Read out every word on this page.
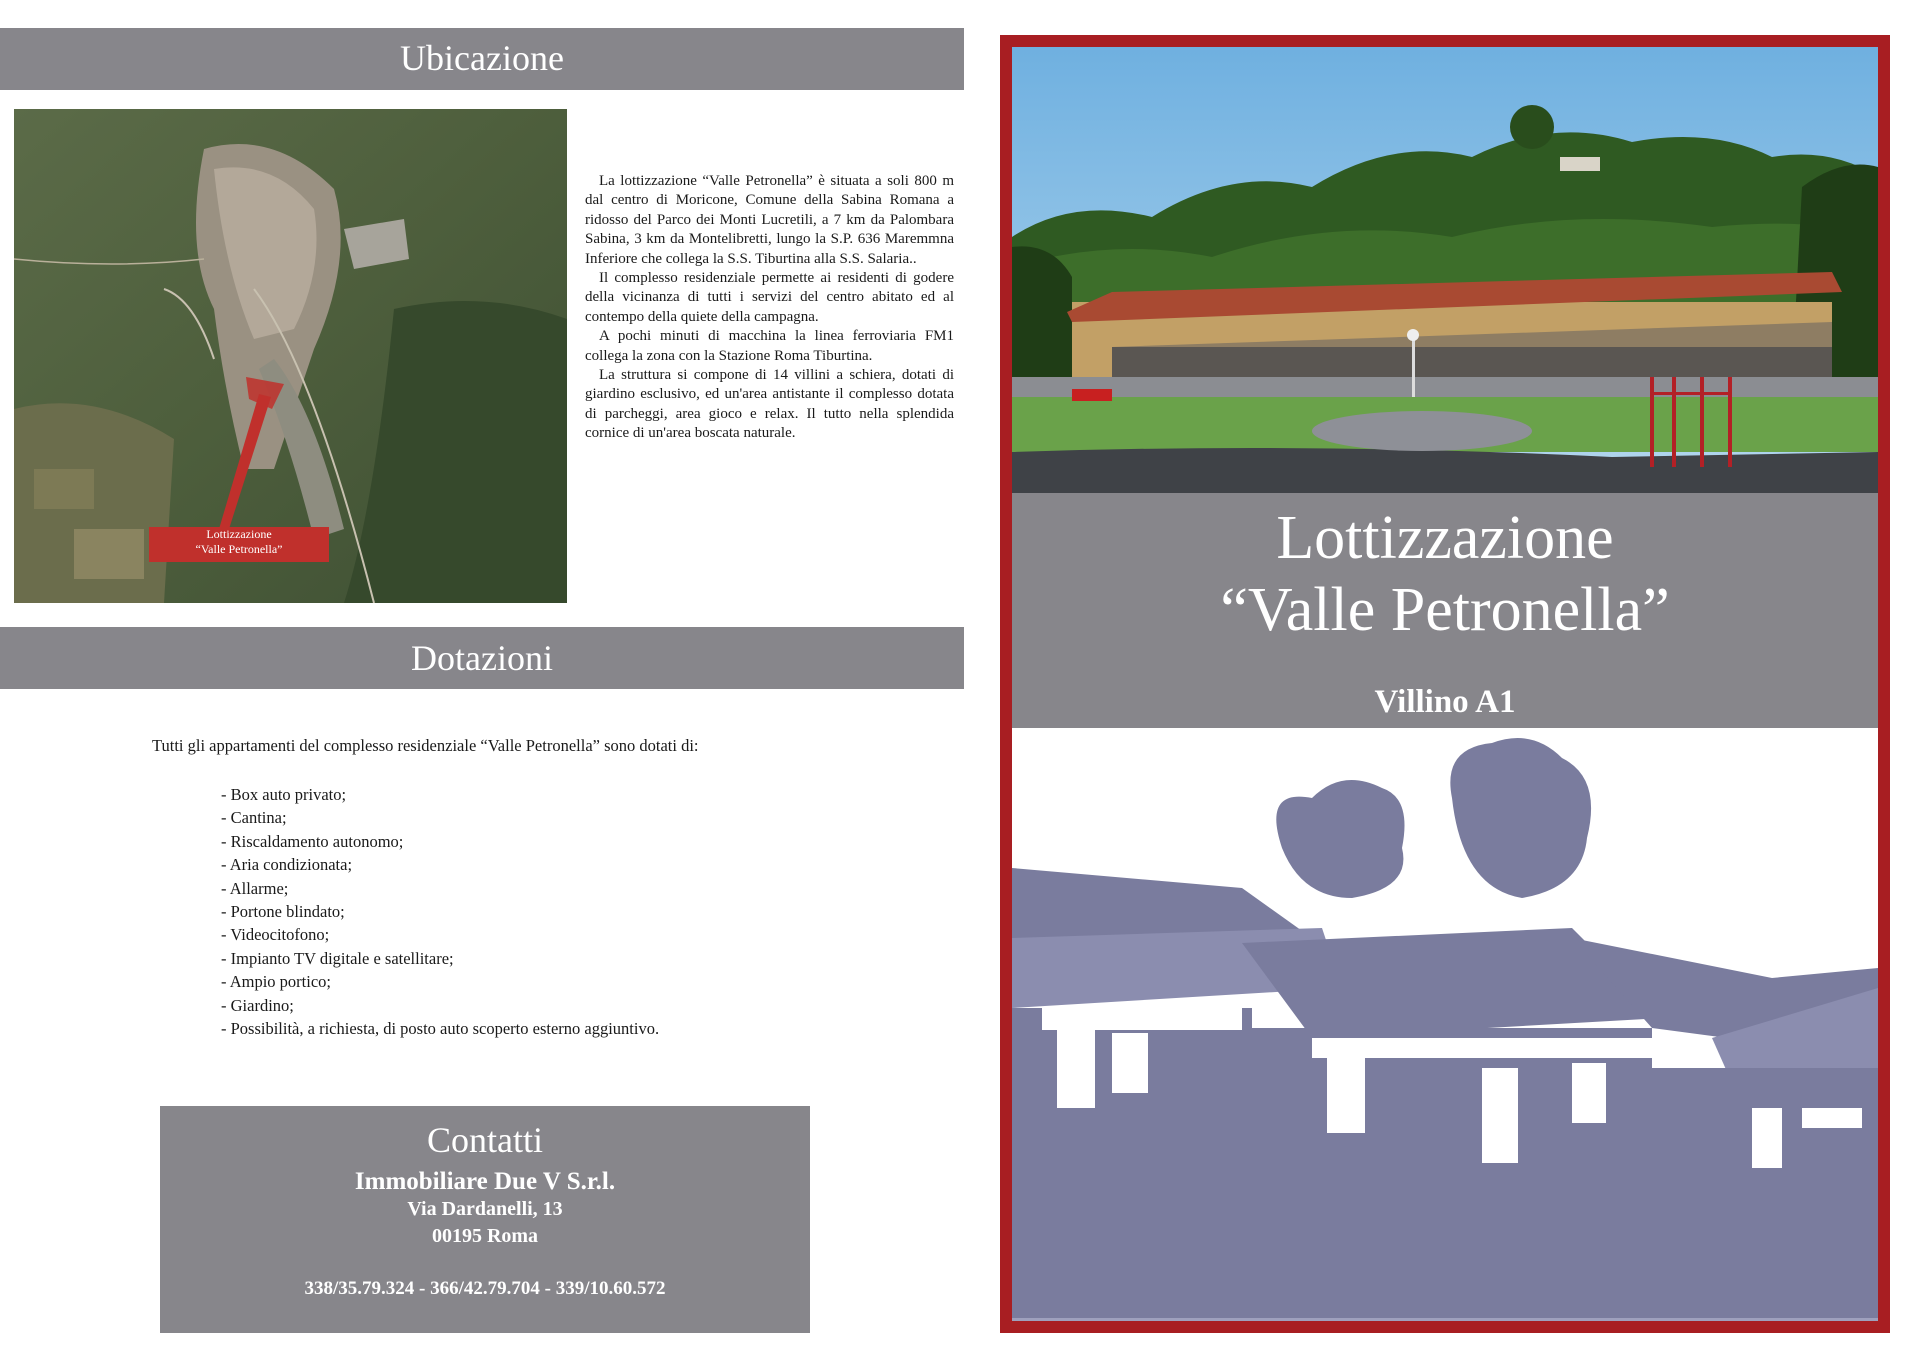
Ubicazione
Lottizzazione
“Valle Petronella”

La lottizzazione “Valle Petronella” è situata a soli 800 m dal centro di Moricone, Comune della Sabina Romana a ridosso del Parco dei Monti Lucretili, a 7 km da Palombara Sabina, 3 km da Montelibretti, lungo la S.P. 636 Maremmna Inferiore che collega la S.S. Tiburtina alla S.S. Salaria..

Il complesso residenziale permette ai residenti di godere della vicinanza di tutti i servizi del centro abitato ed al contempo della quiete della campagna.

A pochi minuti di macchina la linea ferroviaria FM1 collega la zona con la Stazione Roma Tiburtina.

La struttura si compone di 14 villini a schiera, dotati di giardino esclusivo, ed un'area antistante il complesso dotata di parcheggi, area gioco e relax. Il tutto nella splendida cornice di un'area boscata naturale.

Dotazioni
Tutti gli appartamenti del complesso residenziale “Valle Petronella” sono dotati di:
- Box auto privato;
- Cantina;
- Riscaldamento autonomo;
- Aria condizionata;
- Allarme;
- Portone blindato;
- Videocitofono;
- Impianto TV digitale e satellitare;
- Ampio portico;
- Giardino;
- Possibilità, a richiesta, di posto auto scoperto esterno aggiuntivo.
Contatti
Immobiliare Due V S.r.l.
Via Dardanelli, 13
00195 Roma
338/35.79.324 - 366/42.79.704 - 339/10.60.572
Lottizzazione
“Valle Petronella”
Villino A1
